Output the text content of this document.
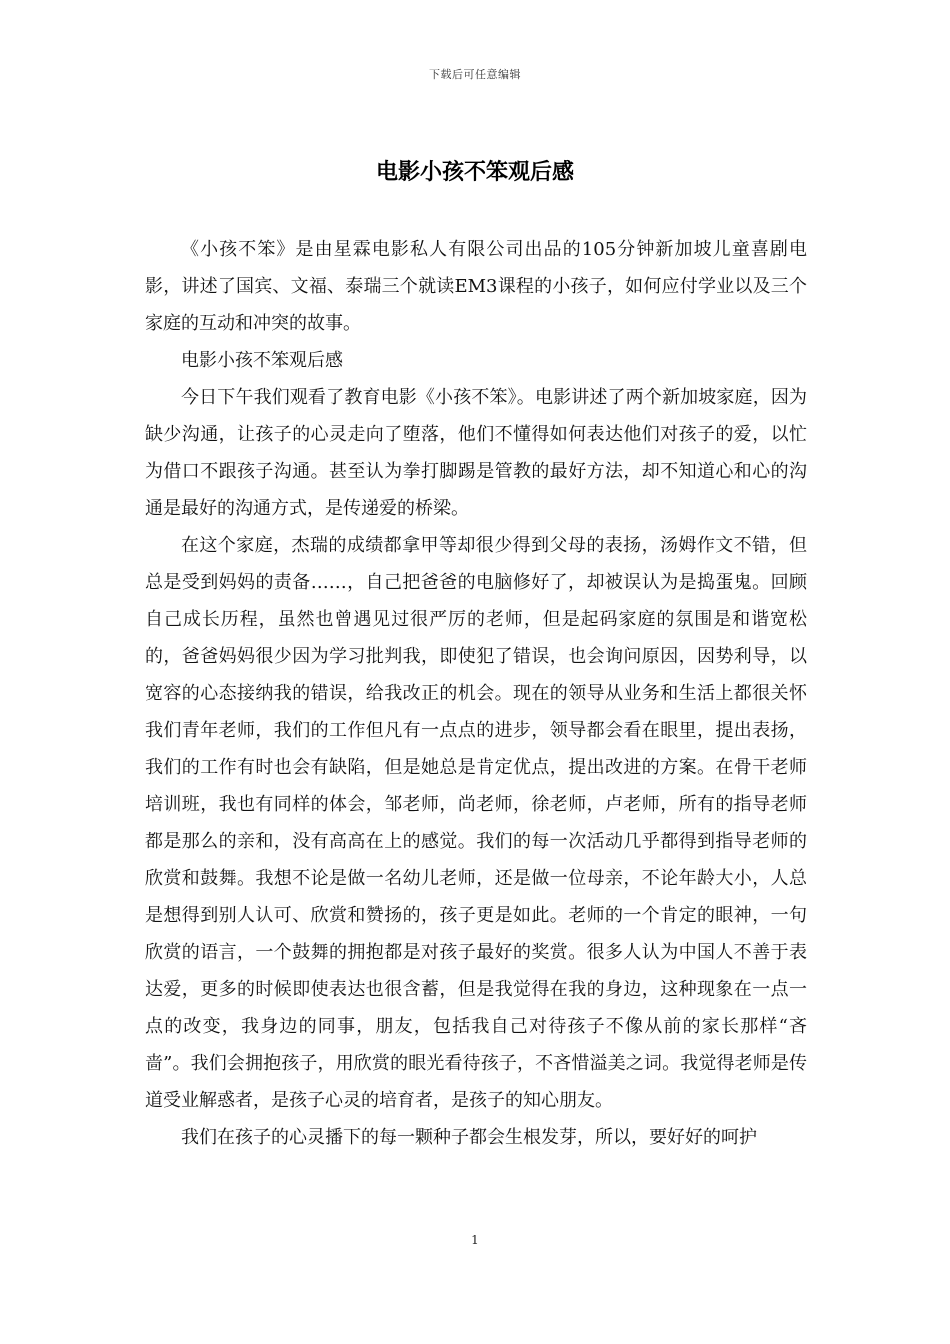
下载后可任意编辑
电影小孩不笨观后感

《小孩不笨》是由星霖电影私人有限公司出品的105分钟新加坡儿童喜剧电影，讲述了国宾、文福、泰瑞三个就读EM3课程的小孩子，如何应付学业以及三个家庭的互动和冲突的故事。

电影小孩不笨观后感

今日下午我们观看了教育电影《小孩不笨》。电影讲述了两个新加坡家庭，因为缺少沟通，让孩子的心灵走向了堕落，他们不懂得如何表达他们对孩子的爱，以忙为借口不跟孩子沟通。甚至认为拳打脚踢是管教的最好方法，却不知道心和心的沟通是最好的沟通方式，是传递爱的桥梁。

在这个家庭，杰瑞的成绩都拿甲等却很少得到父母的表扬，汤姆作文不错，但总是受到妈妈的责备……，自己把爸爸的电脑修好了，却被误认为是捣蛋鬼。回顾自己成长历程，虽然也曾遇见过很严厉的老师，但是起码家庭的氛围是和谐宽松的，爸爸妈妈很少因为学习批判我，即使犯了错误，也会询问原因，因势利导，以宽容的心态接纳我的错误，给我改正的机会。现在的领导从业务和生活上都很关怀我们青年老师，我们的工作但凡有一点点的进步，领导都会看在眼里，提出表扬，我们的工作有时也会有缺陷，但是她总是肯定优点，提出改进的方案。在骨干老师培训班，我也有同样的体会，邹老师，尚老师，徐老师，卢老师，所有的指导老师都是那么的亲和，没有高高在上的感觉。我们的每一次活动几乎都得到指导老师的欣赏和鼓舞。我想不论是做一名幼儿老师，还是做一位母亲，不论年龄大小，人总是想得到别人认可、欣赏和赞扬的，孩子更是如此。老师的一个肯定的眼神，一句欣赏的语言，一个鼓舞的拥抱都是对孩子最好的奖赏。很多人认为中国人不善于表达爱，更多的时候即使表达也很含蓄，但是我觉得在我的身边，这种现象在一点一点的改变，我身边的同事，朋友，包括我自己对待孩子不像从前的家长那样“吝啬”。我们会拥抱孩子，用欣赏的眼光看待孩子，不吝惜溢美之词。我觉得老师是传道受业解惑者，是孩子心灵的培育者，是孩子的知心朋友。

我们在孩子的心灵播下的每一颗种子都会生根发芽，所以，要好好的呵护

1
